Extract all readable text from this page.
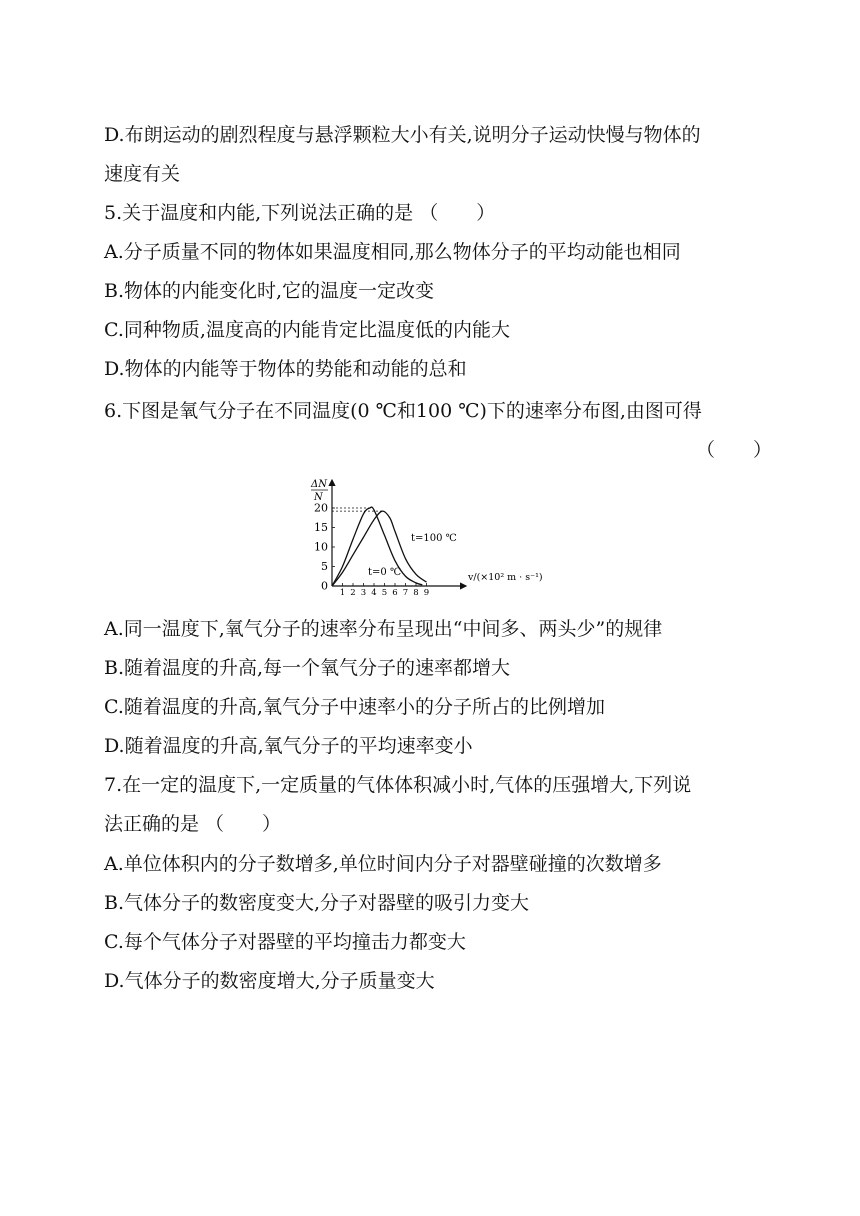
D.布朗运动的剧烈程度与悬浮颗粒大小有关,说明分子运动快慢与物体的
速度有关
5.关于温度和内能,下列说法正确的是 （　　）
A.分子质量不同的物体如果温度相同,那么物体分子的平均动能也相同
B.物体的内能变化时,它的温度一定改变
C.同种物质,温度高的内能肯定比温度低的内能大
D.物体的内能等于物体的势能和动能的总和
6.下图是氧气分子在不同温度(0 ℃和100 ℃)下的速率分布图,由图可得
（　　）
20
15
10
5
0
1 2 3 4 5 6 7 8 9
ΔN
N
v/(×10² m · s⁻¹)
t=100 ℃
t=0 ℃
A.同一温度下,氧气分子的速率分布呈现出“中间多、两头少”的规律
B.随着温度的升高,每一个氧气分子的速率都增大
C.随着温度的升高,氧气分子中速率小的分子所占的比例增加
D.随着温度的升高,氧气分子的平均速率变小
7.在一定的温度下,一定质量的气体体积减小时,气体的压强增大,下列说
法正确的是 （　　）
A.单位体积内的分子数增多,单位时间内分子对器壁碰撞的次数增多
B.气体分子的数密度变大,分子对器壁的吸引力变大
C.每个气体分子对器壁的平均撞击力都变大
D.气体分子的数密度增大,分子质量变大
